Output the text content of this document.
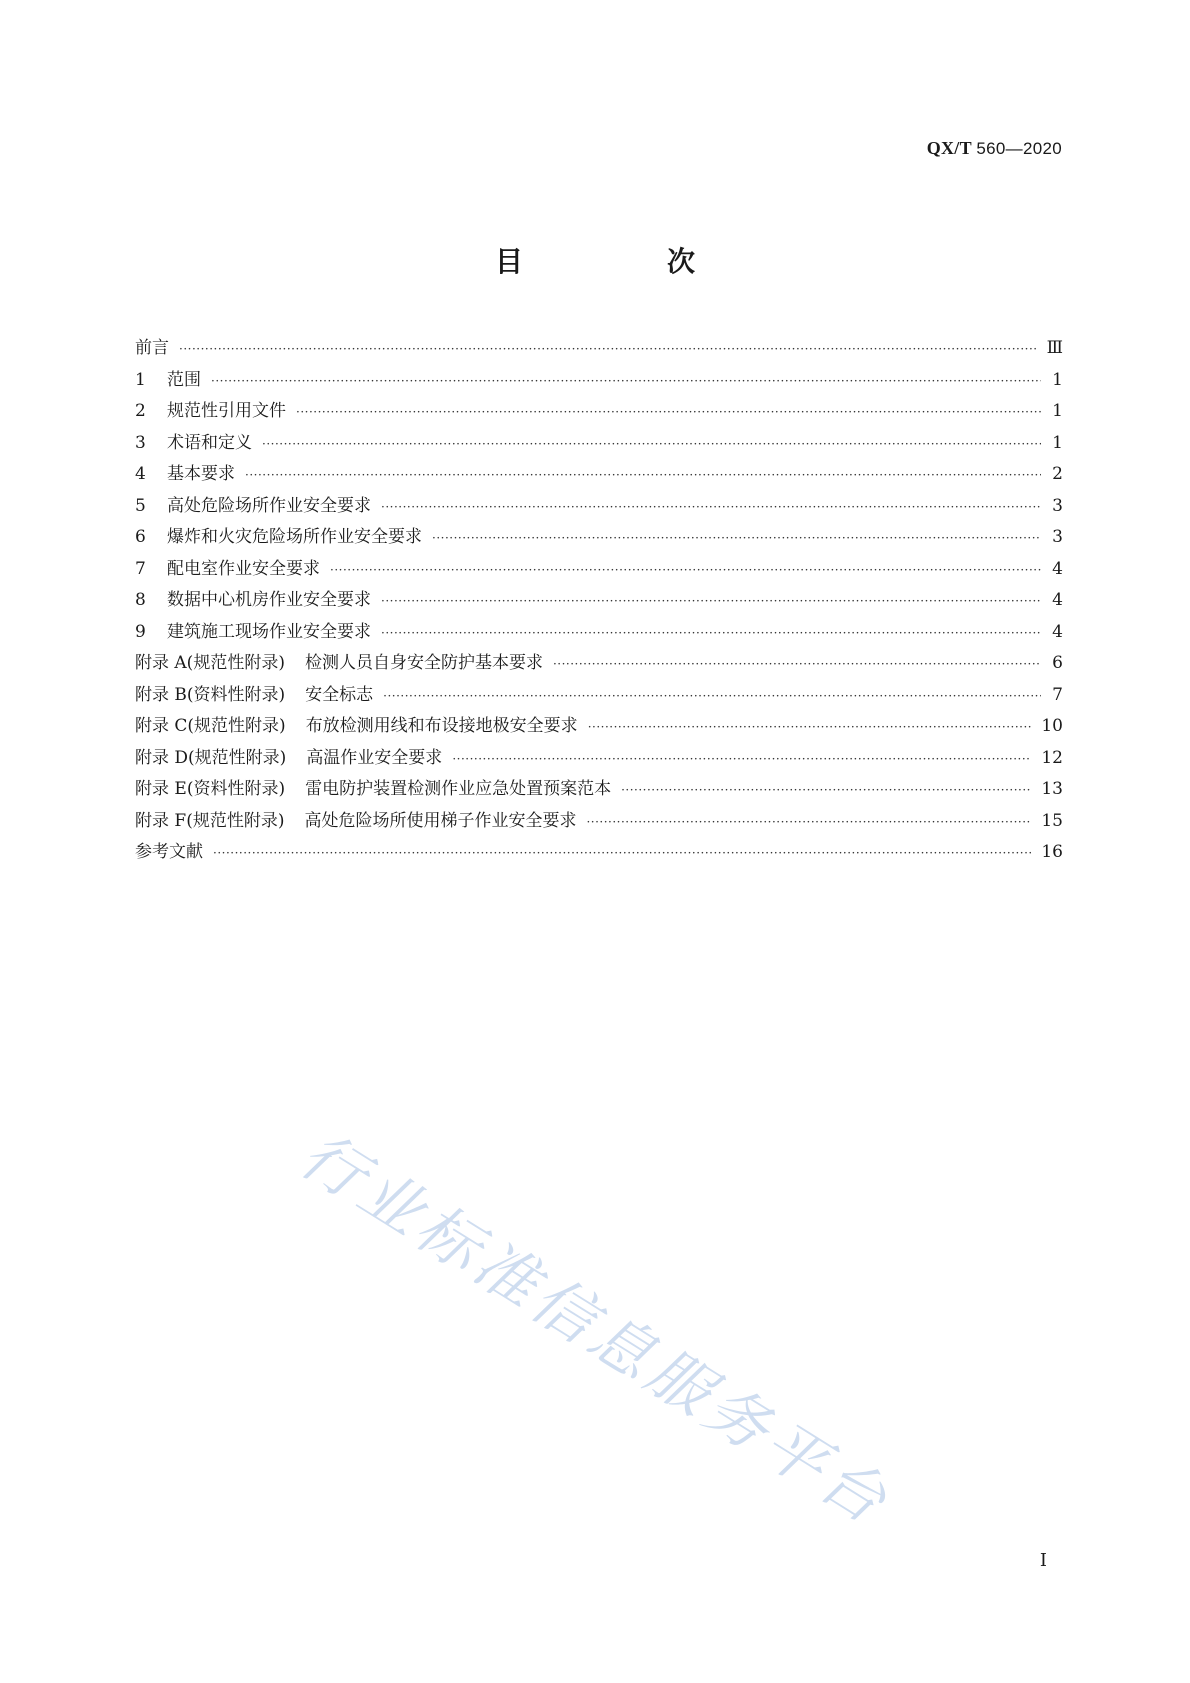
QX/T 560—2020
目　次
前言 ·····	Ⅲ
1	范围 ·····	1
2	规范性引用文件 ·····	1
3	术语和定义 ·····	1
4	基本要求 ·····	2
5	高处危险场所作业安全要求 ·····	3
6	爆炸和火灾危险场所作业安全要求 ·····	3
7	配电室作业安全要求 ·····	4
8	数据中心机房作业安全要求 ·····	4
9	建筑施工现场作业安全要求 ·····	4
附录 A(规范性附录) 检测人员自身安全防护基本要求 ·····	6
附录 B(资料性附录) 安全标志 ·····	7
附录 C(规范性附录) 布放检测用线和布设接地极安全要求 ·····	10
附录 D(规范性附录) 高温作业安全要求 ·····	12
附录 E(资料性附录) 雷电防护装置检测作业应急处置预案范本 ·····	13
附录 F(规范性附录) 高处危险场所使用梯子作业安全要求 ·····	15
参考文献 ·····	16
行业标准信息服务平台
I
